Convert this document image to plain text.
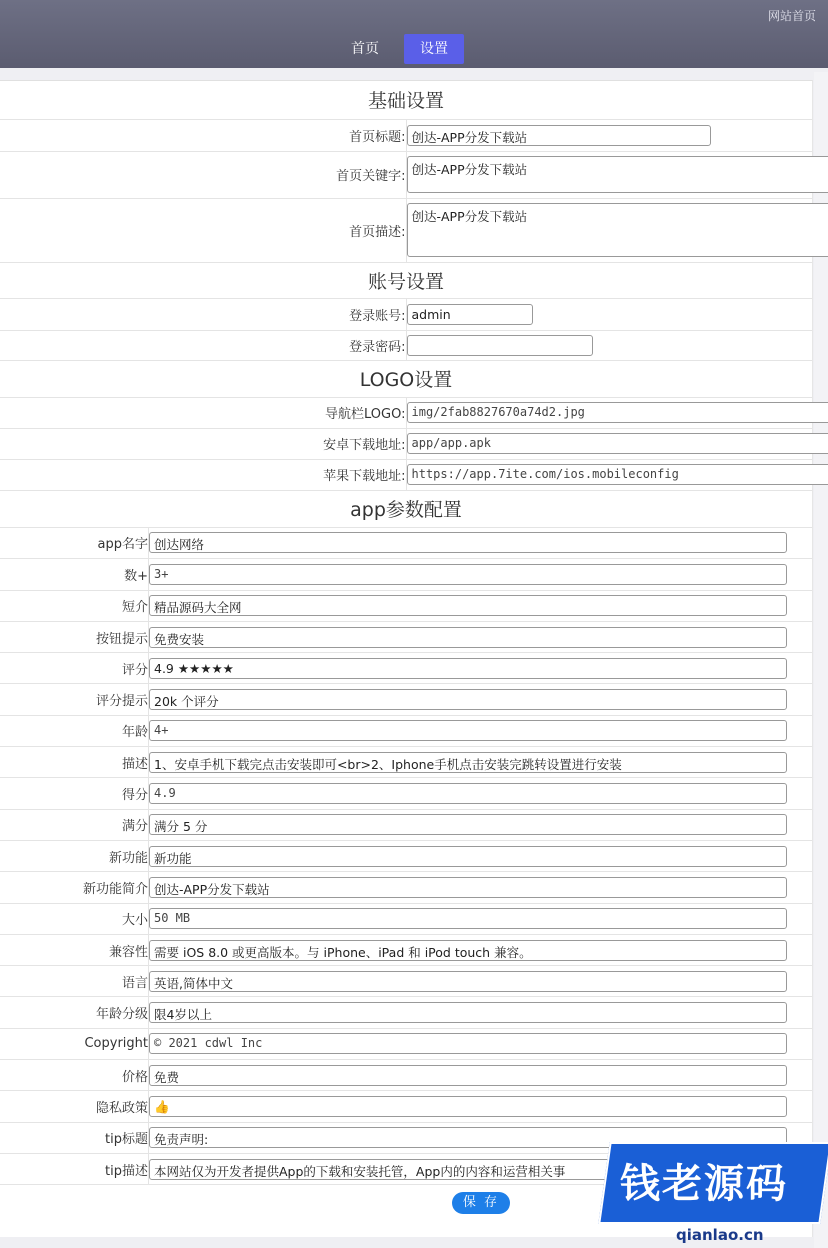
网站首页
首页	设置
基础设置	
首页标题:	创达-APP分发下载站

首页关键字:	创达-APP分发下载站

首页描述:	创达-APP分发下载站

账号设置	
登录账号:	admin

登录密码:	

LOGO设置	
导航栏LOGO:	img/2fab8827670a74d2.jpg

安卓下载地址:	app/app.apk

苹果下载地址:	https://app.7ite.com/ios.mobileconfig

app参数配置	
app名字	创达网络

数+	3+

短介	精品源码大全网

按钮提示	免费安装

评分	4.9 ★★★★★

评分提示	20k 个评分

年龄	4+

描述	1、安卓手机下载完点击安装即可<br>2、Iphone手机点击安装完跳转设置进行安装

得分	4.9

满分	满分 5 分

新功能	新功能

新功能简介	创达-APP分发下载站

大小	50 MB

兼容性	需要 iOS 8.0 或更高版本。与 iPhone、iPad 和 iPod touch 兼容。

语言	英语,简体中文

年龄分级	限4岁以上

Copyright	© 2021 cdwl Inc

价格	免费

隐私政策	👍

tip标题	免责声明:

tip描述	本网站仅为开发者提供App的下载和安装托管，App内的内容和运营相关事
保 存	钱老源码
qianlao.cn
